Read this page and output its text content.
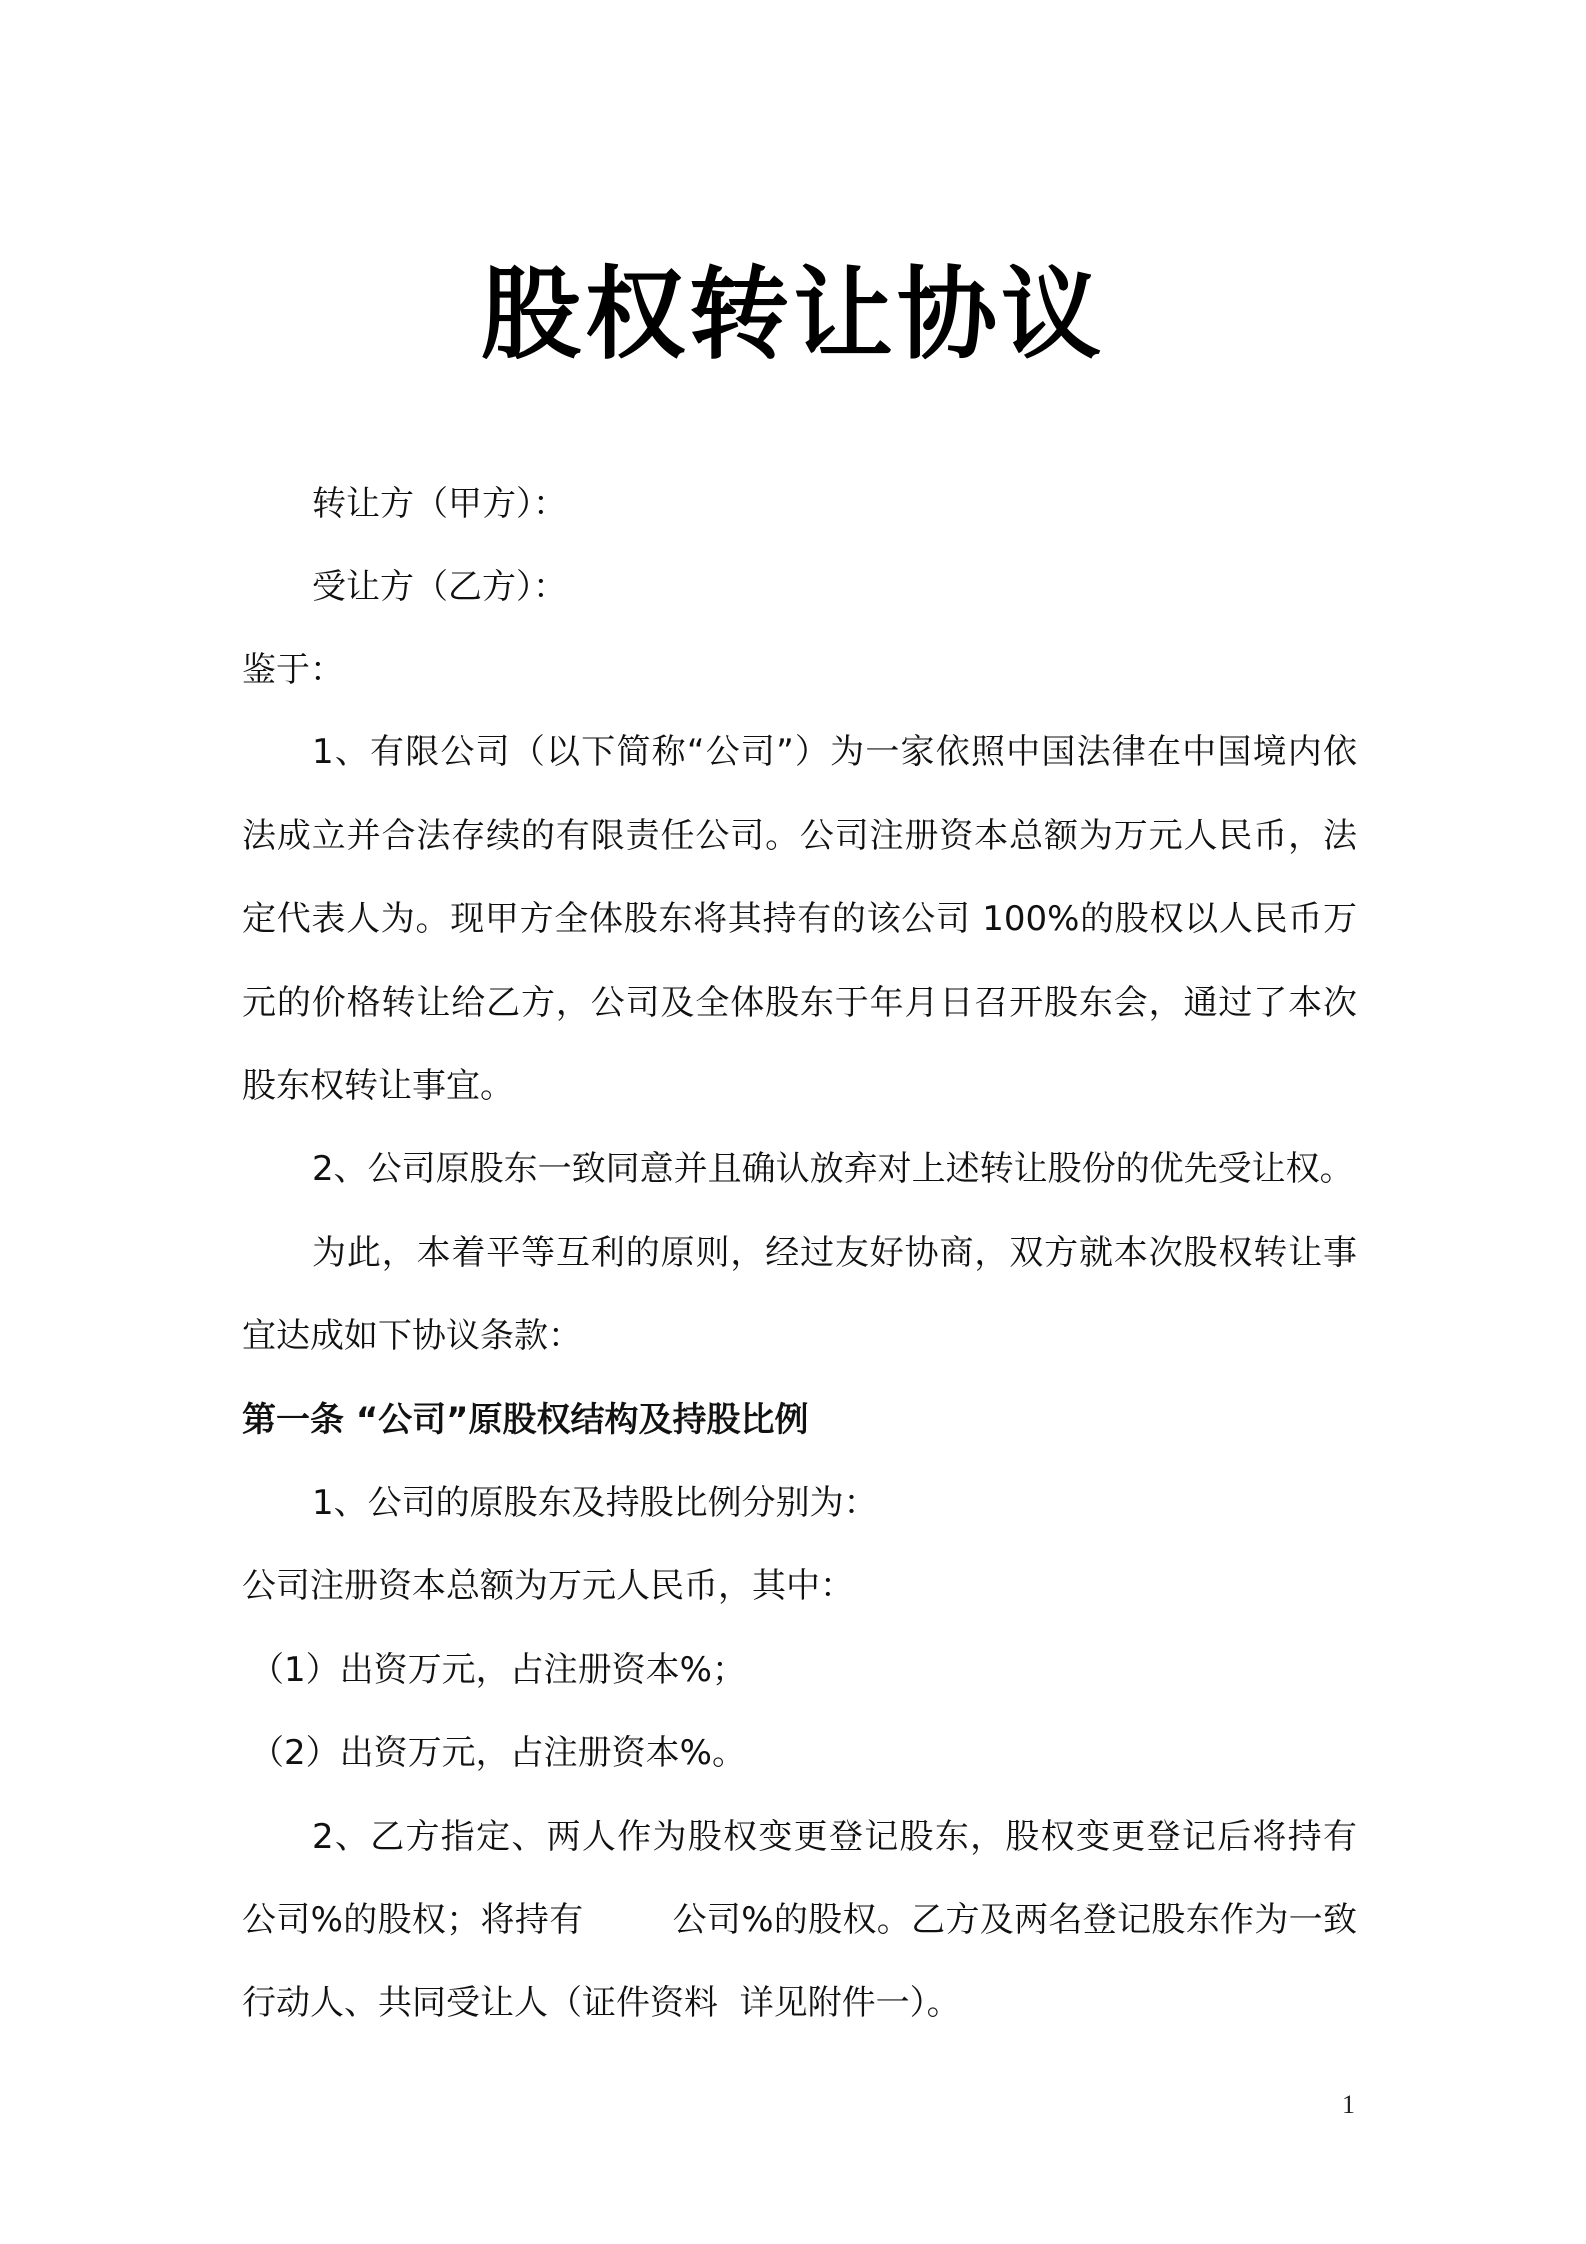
股权转让协议

转让方（甲方）：

受让方（乙方）：

鉴于：

1、有限公司（以下简称“公司”）为一家依照中国法律在中国境内依

法成立并合法存续的有限责任公司。公司注册资本总额为万元人民币，法

定代表人为。现甲方全体股东将其持有的该公司 100%的股权以人民币万

元的价格转让给乙方，公司及全体股东于年月日召开股东会，通过了本次

股东权转让事宜。

2、公司原股东一致同意并且确认放弃对上述转让股份的优先受让权。

为此，本着平等互利的原则，经过友好协商，双方就本次股权转让事

宜达成如下协议条款：

第一条 “公司”原股权结构及持股比例

1、公司的原股东及持股比例分别为：

公司注册资本总额为万元人民币，其中：

（1）出资万元，占注册资本%；

（2）出资万元，占注册资本%。

2、乙方指定、两人作为股权变更登记股东，股权变更登记后将持有

公司%的股权；将持有        公司%的股权。乙方及两名登记股东作为一致

行动人、共同受让人（证件资料  详见附件一）。

1
